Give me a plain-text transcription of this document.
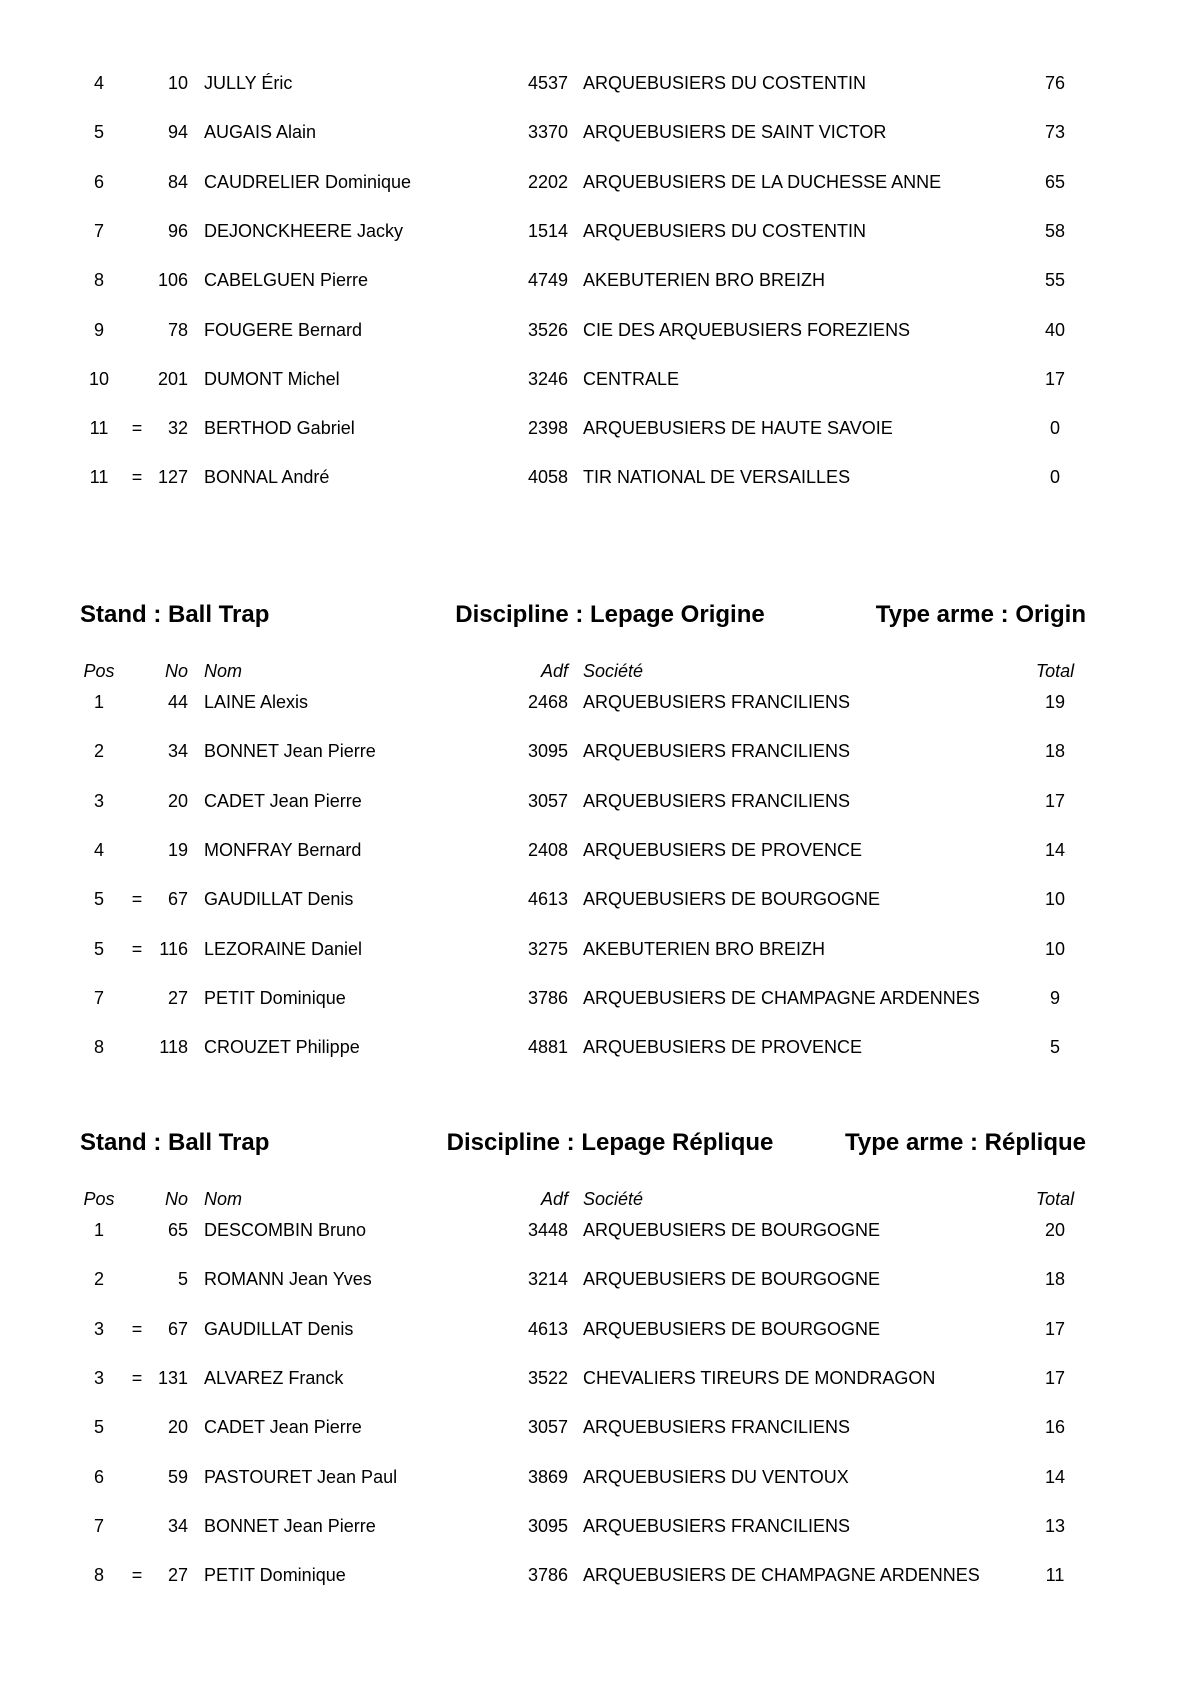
4	10 JULLY Éric	4537 ARQUEBUSIERS DU COSTENTIN	76
5	94 AUGAIS Alain	3370 ARQUEBUSIERS DE SAINT VICTOR	73
6	84 CAUDRELIER Dominique	2202 ARQUEBUSIERS DE LA DUCHESSE ANNE	65
7	96 DEJONCKHEERE Jacky	1514 ARQUEBUSIERS DU COSTENTIN	58
8	106 CABELGUEN Pierre	4749 AKEBUTERIEN BRO BREIZH	55
9	78 FOUGERE Bernard	3526 CIE DES ARQUEBUSIERS FOREZIENS	40
10	201 DUMONT Michel	3246 CENTRALE	17
11	=	32 BERTHOD Gabriel	2398 ARQUEBUSIERS DE HAUTE SAVOIE	0
11	= 127 BONNAL André	4058 TIR NATIONAL DE VERSAILLES	0
Stand : Ball Trap	Discipline : Lepage Origine	Type arme : Origin
Pos	No Nom	Adf Société	Total
1	44 LAINE Alexis	2468 ARQUEBUSIERS FRANCILIENS	19
2	34 BONNET Jean Pierre	3095 ARQUEBUSIERS FRANCILIENS	18
3	20 CADET Jean Pierre	3057 ARQUEBUSIERS FRANCILIENS	17
4	19 MONFRAY Bernard	2408 ARQUEBUSIERS DE PROVENCE	14
5	=	67 GAUDILLAT Denis	4613 ARQUEBUSIERS DE BOURGOGNE	10
5	= 116 LEZORAINE Daniel	3275 AKEBUTERIEN BRO BREIZH	10
7	27 PETIT Dominique	3786 ARQUEBUSIERS DE CHAMPAGNE ARDENNES	9
8	118 CROUZET Philippe	4881 ARQUEBUSIERS DE PROVENCE	5
Stand : Ball Trap	Discipline : Lepage Réplique	Type arme : Réplique
Pos	No Nom	Adf Société	Total
1	65 DESCOMBIN Bruno	3448 ARQUEBUSIERS DE BOURGOGNE	20
2	5 ROMANN Jean Yves	3214 ARQUEBUSIERS DE BOURGOGNE	18
3	=	67 GAUDILLAT Denis	4613 ARQUEBUSIERS DE BOURGOGNE	17
3	= 131 ALVAREZ Franck	3522 CHEVALIERS TIREURS DE MONDRAGON	17
5	20 CADET Jean Pierre	3057 ARQUEBUSIERS FRANCILIENS	16
6	59 PASTOURET Jean Paul	3869 ARQUEBUSIERS DU VENTOUX	14
7	34 BONNET Jean Pierre	3095 ARQUEBUSIERS FRANCILIENS	13
8	=	27 PETIT Dominique	3786 ARQUEBUSIERS DE CHAMPAGNE ARDENNES	11
